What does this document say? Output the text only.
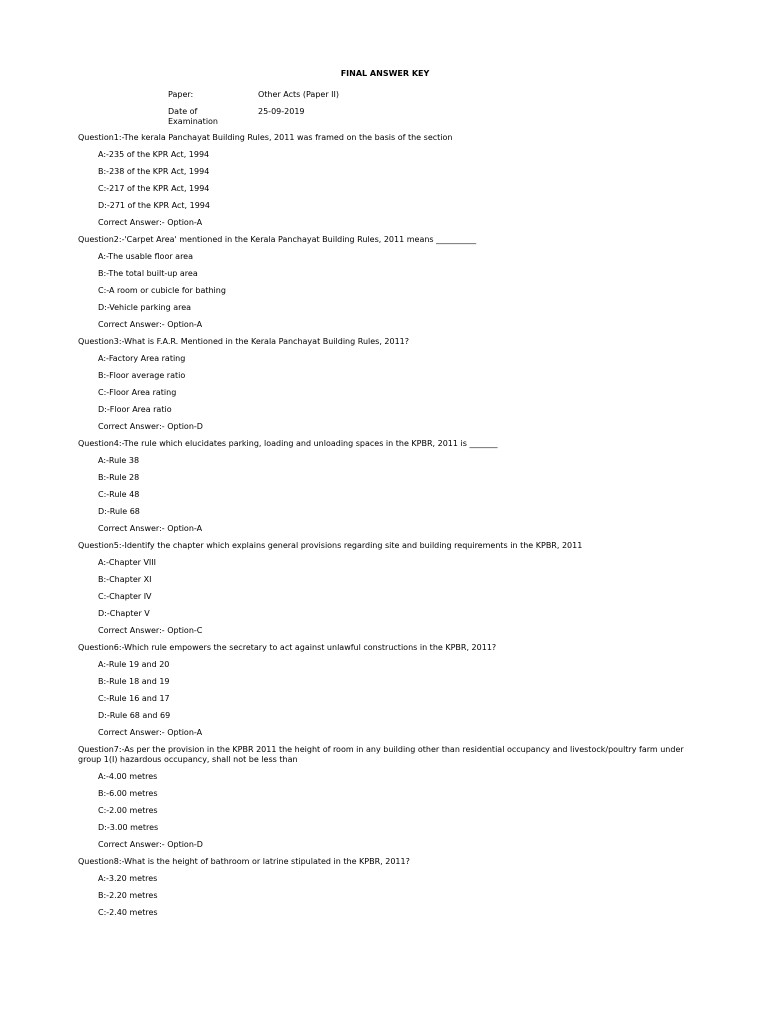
FINAL ANSWER KEY
Paper:	Other Acts (Paper II)
Date of Examination
25-09-2019
Question1:-The kerala Panchayat Building Rules, 2011 was framed on the basis of the section
A:-235 of the KPR Act, 1994
B:-238 of the KPR Act, 1994
C:-217 of the KPR Act, 1994
D:-271 of the KPR Act, 1994
Correct Answer:- Option-A
Question2:-'Carpet Area' mentioned in the Kerala Panchayat Building Rules, 2011 means __________
A:-The usable floor area
B:-The total built-up area
C:-A room or cubicle for bathing
D:-Vehicle parking area
Correct Answer:- Option-A
Question3:-What is F.A.R. Mentioned in the Kerala Panchayat Building Rules, 2011?
A:-Factory Area rating
B:-Floor average ratio
C:-Floor Area rating
D:-Floor Area ratio
Correct Answer:- Option-D
Question4:-The rule which elucidates parking, loading and unloading spaces in the KPBR, 2011 is _______
A:-Rule 38
B:-Rule 28
C:-Rule 48
D:-Rule 68
Correct Answer:- Option-A
Question5:-Identify the chapter which explains general provisions regarding site and building requirements in the KPBR, 2011
A:-Chapter VIII
B:-Chapter XI
C:-Chapter IV
D:-Chapter V
Correct Answer:- Option-C
Question6:-Which rule empowers the secretary to act against unlawful constructions in the KPBR, 2011?
A:-Rule 19 and 20
B:-Rule 18 and 19
C:-Rule 16 and 17
D:-Rule 68 and 69
Correct Answer:- Option-A
Question7:-As per the provision in the KPBR 2011 the height of room in any building other than residential occupancy and livestock/poultry farm under group 1(I) hazardous occupancy, shall not be less than
A:-4.00 metres
B:-6.00 metres
C:-2.00 metres
D:-3.00 metres
Correct Answer:- Option-D
Question8:-What is the height of bathroom or latrine stipulated in the KPBR, 2011?
A:-3.20 metres
B:-2.20 metres
C:-2.40 metres
